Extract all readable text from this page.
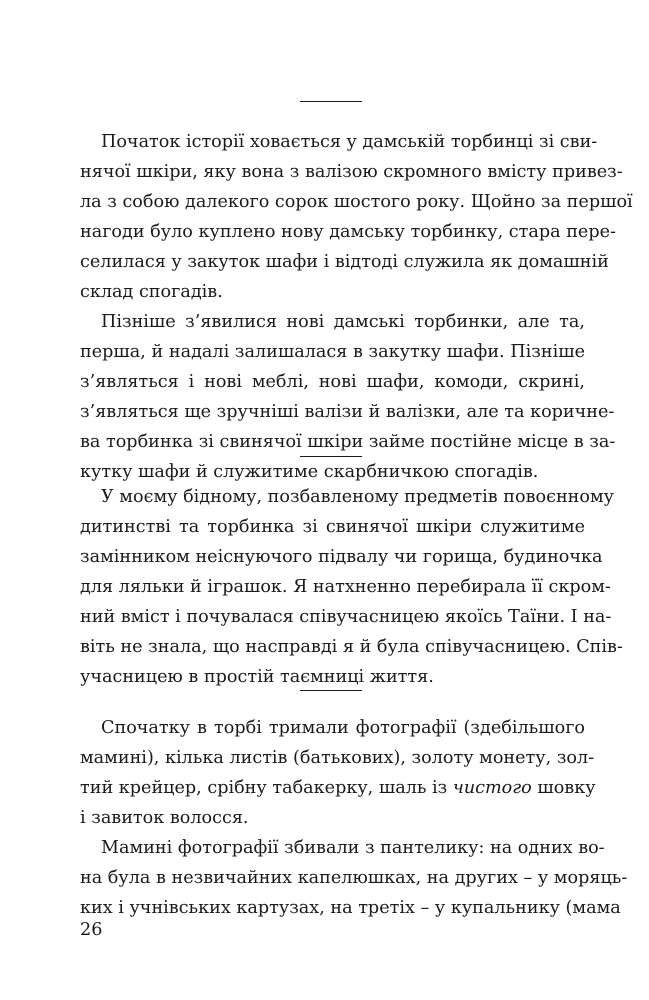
Початок історії ховається у дамській торбинці зі сви-
нячої шкіри, яку вона з валізою скромного вмісту привез-
ла з собою далекого сорок шостого року. Щойно за першої
нагоди було куплено нову дамську торбинку, стара пере-
селилася у закуток шафи і відтоді служила як домашній
склад спогадів.
Пізніше з’явилися нові дамські торбинки, але та,
перша, й надалі залишалася в закутку шафи. Пізніше
з’являться і нові меблі, нові шафи, комоди, скрині,
з’являться ще зручніші валізи й валізки, але та коричне-
ва торбинка зі свинячої шкіри займе постійне місце в за-
кутку шафи й служитиме скарбничкою спогадів.
У моєму бідному, позбавленому предметів повоєнному
дитинстві та торбинка зі свинячої шкіри служитиме
замінником неіснуючого підвалу чи горища, будиночка
для ляльки й іграшок. Я натхненно перебирала її скром-
ний вміст і почувалася співучасницею якоїсь Таїни. І на-
віть не знала, що насправді я й була співучасницею. Спів-
учасницею в простій таємниці життя.
Спочатку в торбі тримали фотографії (здебільшого
мамині), кілька листів (батькових), золоту монету, зол-
тий крейцер, срібну табакерку, шаль із чистого шовку
і завиток волосся.
Мамині фотографії збивали з пантелику: на одних во-
на була в незвичайних капелюшках, на других – у моряць-
ких і учнівських картузах, на третіх – у купальнику (мама
26
